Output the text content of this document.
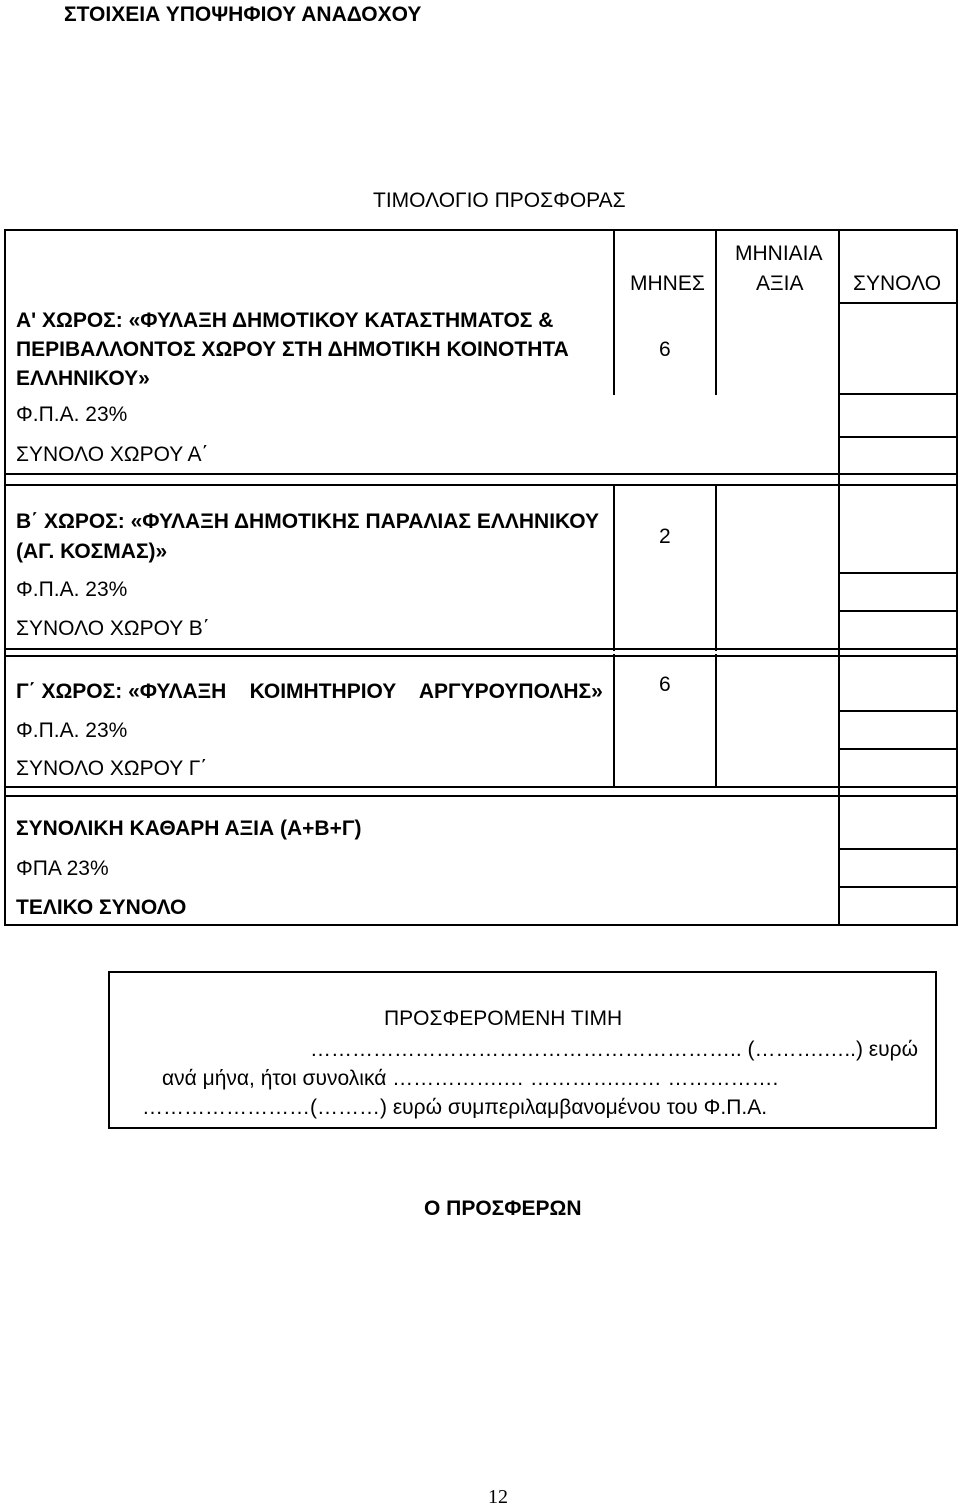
ΣΤΟΙΧΕΙΑ ΥΠΟΨΗΦΙΟΥ ΑΝΑΔΟΧΟΥ
ΤΙΜΟΛΟΓΙΟ ΠΡΟΣΦΟΡΑΣ
ΜΗΝΕΣ
ΜΗΝΙΑΙΑ
ΑΞΙΑ ΣΥΝΟΛΟ
Α' ΧΩΡΟΣ: «ΦΥΛΑΞΗ ΔΗΜΟΤΙΚΟΥ ΚΑΤΑΣΤΗΜΑΤΟΣ &
ΠΕΡΙΒΑΛΛΟΝΤΟΣ ΧΩΡΟΥ ΣΤΗ ΔΗΜΟΤΙΚΗ ΚΟΙΝΟΤΗΤΑ
ΕΛΛΗΝΙΚΟΥ»
Φ.Π.Α. 23%
ΣΥΝΟΛΟ ΧΩΡΟΥ Α΄
6
Β΄ ΧΩΡΟΣ: «ΦΥΛΑΞΗ ΔΗΜΟΤΙΚΗΣ ΠΑΡΑΛΙΑΣ ΕΛΛΗΝΙΚΟΥ
(ΑΓ. ΚΟΣΜΑΣ)»
Φ.Π.Α. 23%
ΣΥΝΟΛΟ ΧΩΡΟΥ Β΄
2
Γ΄ ΧΩΡΟΣ: «ΦΥΛΑΞΗ    ΚΟΙΜΗΤΗΡΙΟΥ    ΑΡΓΥΡΟΥΠΟΛΗΣ»
Φ.Π.Α. 23%
ΣΥΝΟΛΟ ΧΩΡΟΥ Γ΄
6
ΣΥΝΟΛΙΚΗ ΚΑΘΑΡΗ ΑΞΙΑ (Α+Β+Γ)
ΦΠΑ 23%
ΤΕΛΙΚΟ ΣΥΝΟΛΟ
ΠΡΟΣΦΕΡΟΜΕΝΗ ΤΙΜΗ
…………………………………………………….. (……….…..) ευρώ
ανά μήνα, ήτοι συνολικά …………….… ………….…… …………….
……………………(………) ευρώ συμπεριλαμβανομένου του Φ.Π.Α.
Ο ΠΡΟΣΦΕΡΩΝ
12
